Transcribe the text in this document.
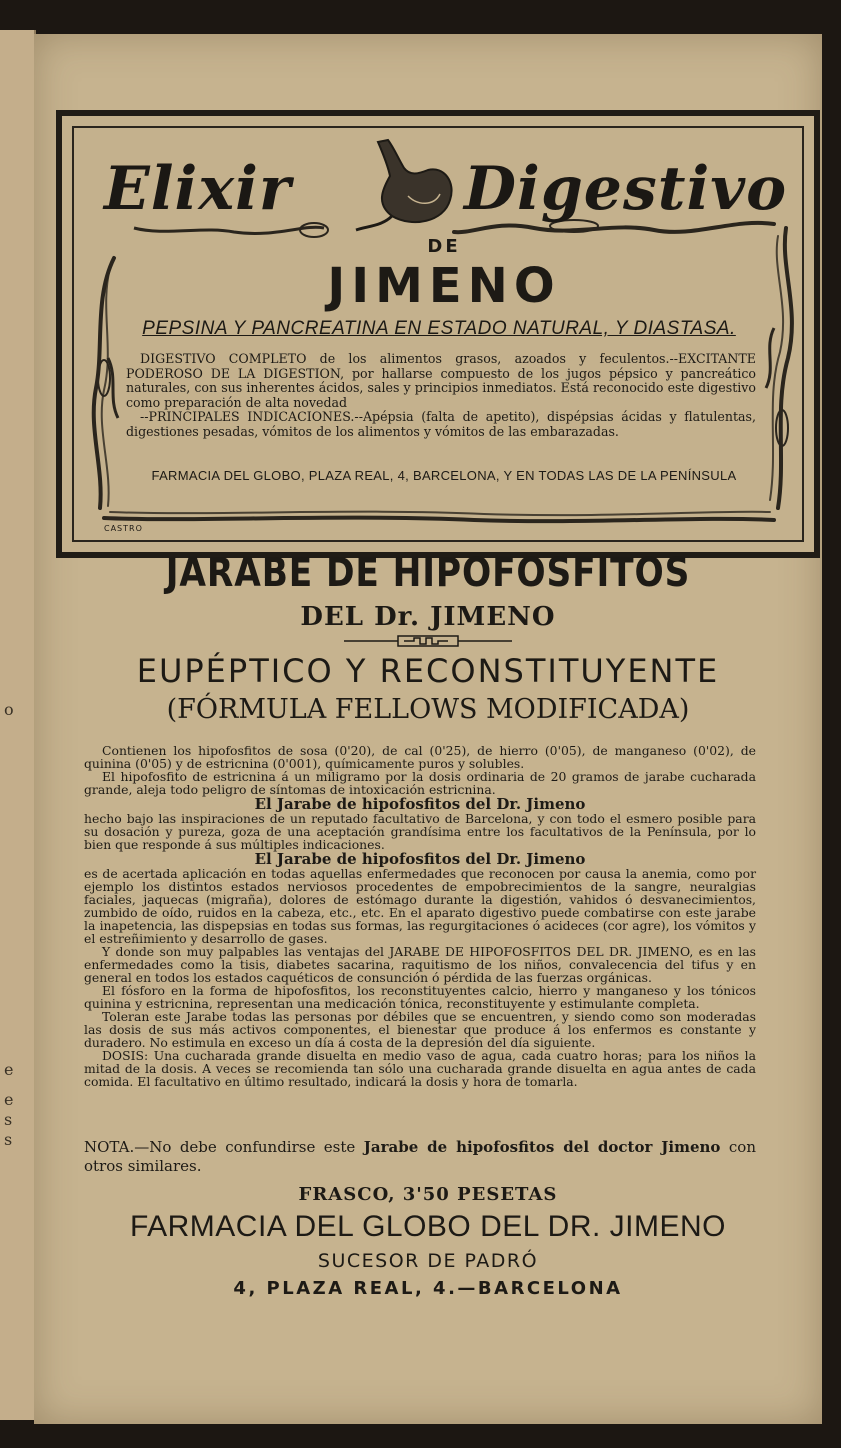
o
e
e
s
s
Elixir	Digestivo
DE
JIMENO
PEPSINA Y PANCREATINA EN ESTADO NATURAL, Y DIASTASA.

DIGESTIVO COMPLETO de los alimentos grasos, azoados y feculentos.--EXCITANTE PODEROSO DE LA DIGESTION, por hallarse compuesto de los jugos pépsico y pancreático naturales, con sus inherentes ácidos, sales y principios inmediatos. Está reconocido este digestivo como preparación de alta novedad

--PRINCIPALES INDICACIONES.--Apépsia (falta de apetito), dispépsias ácidas y flatulentas, digestiones pesadas, vómitos de los alimentos y vómitos de las embarazadas.

FARMACIA DEL GLOBO, PLAZA REAL, 4, BARCELONA, Y EN TODAS LAS DE LA PENÍNSULA
CASTRO
JARABE DE HIPOFOSFITOS
DEL Dr. JIMENO
EUPÉPTICO Y RECONSTITUYENTE
(FÓRMULA FELLOWS MODIFICADA)

Contienen los hipofosfitos de sosa (0'20), de cal (0'25), de hierro (0'05), de manganeso (0'02), de quinina (0'05) y de estricnina (0'001), químicamente puros y solubles.

El hipofosfito de estricnina á un miligramo por la dosis ordinaria de 20 gramos de jarabe cucharada grande, aleja todo peligro de síntomas de intoxicación estricnina.

El Jarabe de hipofosfitos del Dr. Jimeno

hecho bajo las inspiraciones de un reputado facultativo de Barcelona, y con todo el esmero posible para su dosación y pureza, goza de una aceptación grandísima entre los facultativos de la Península, por lo bien que responde á sus múltiples indicaciones.

El Jarabe de hipofosfitos del Dr. Jimeno

es de acertada aplicación en todas aquellas enfermedades que reconocen por causa la anemia, como por ejemplo los distintos estados nerviosos procedentes de empobrecimientos de la sangre, neuralgias faciales, jaquecas (migraña), dolores de estómago durante la digestión, vahidos ó desvanecimientos, zumbido de oído, ruidos en la cabeza, etc., etc. En el aparato digestivo puede combatirse con este jarabe la inapetencia, las dispepsias en todas sus formas, las regurgitaciones ó acideces (cor agre), los vómitos y el estreñimiento y desarrollo de gases.

Y donde son muy palpables las ventajas del JARABE DE HIPOFOSFITOS DEL DR. JIMENO, es en las enfermedades como la tisis, diabetes sacarina, raquitismo de los niños, convalecencia del tifus y en general en todos los estados caquéticos de consunción ó pérdida de las fuerzas orgánicas.

El fósforo en la forma de hipofosfitos, los reconstituyentes calcio, hierro y manganeso y los tónicos quinina y estricnina, representan una medicación tónica, reconstituyente y estimulante completa.

Toleran este Jarabe todas las personas por débiles que se encuentren, y siendo como son moderadas las dosis de sus más activos componentes, el bienestar que produce á los enfermos es constante y duradero. No estimula en exceso un día á costa de la depresión del día siguiente.

DOSIS: Una cucharada grande disuelta en medio vaso de agua, cada cuatro horas; para los niños la mitad de la dosis. A veces se recomienda tan sólo una cucharada grande disuelta en agua antes de cada comida. El facultativo en último resultado, indicará la dosis y hora de tomarla.

NOTA.—No debe confundirse este Jarabe de hipofosfitos del doctor Jimeno con otros similares.
FRASCO, 3'50 PESETAS
FARMACIA DEL GLOBO DEL DR. JIMENO
SUCESOR DE PADRÓ
4, PLAZA REAL, 4.—BARCELONA
